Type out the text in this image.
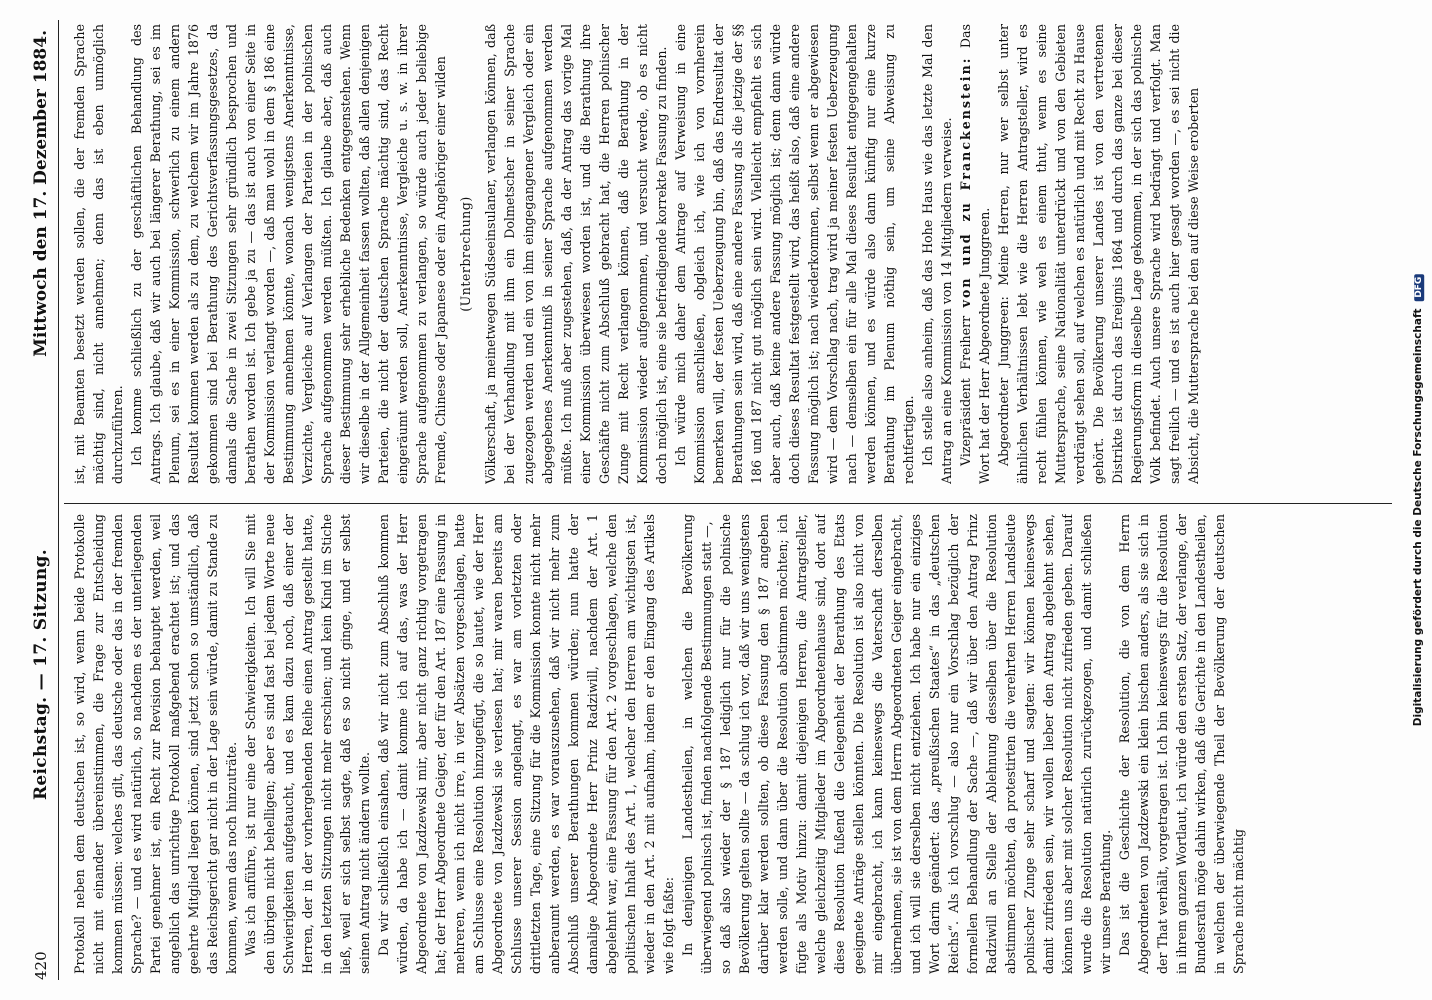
420
Reichstag. — 17. Sitzung.
Mittwoch den 17. Dezember 1884.

Protokoll neben dem deutschen ist, so wird, wenn beide Protokolle nicht mit einander übereinstimmen, die Frage zur Entscheidung kommen müssen: welches gilt, das deutsche oder das in der fremden Sprache? — und es wird natürlich, so nachdem es der unterliegenden Partei genehmer ist, ein Recht zur Revision behauptet werden, weil angeblich das unrichtige Protokoll maßgebend erachtet ist; und das geehrte Mitglied liegen können, sind jetzt schon so umständlich, daß das Reichsgericht gar nicht in der Lage sein würde, damit zu Stande zu kommen, wenn das noch hinzuträte. Was ich anführe, ist nur eine der Schwierigkeiten. Ich will Sie mit den übrigen nicht behelligen; aber es sind fast bei jedem Worte neue Schwierigkeiten aufgetaucht, und es kam dazu noch, daß einer der Herren, der in der vorhergehenden Reihe einen Antrag gestellt hatte, in den letzten Sitzungen nicht mehr erschien; und kein Kind im Stiche ließ, weil er sich selbst sagte, daß es so nicht ginge, und er selbst seinen Antrag nicht ändern wollte. Da wir schließlich einsahen, daß wir nicht zum Abschluß kommen würden, da habe ich — damit komme ich auf das, was der Herr Abgeordnete von Jazdzewski mir, aber nicht ganz richtig vorgetragen hat; der Herr Abgeordnete Geiger, der für den Art. 187 eine Fassung in mehreren, wenn ich nicht irre, in vier Absätzen vorgeschlagen, hatte am Schlusse eine Resolution hinzugefügt, die so lautet, wie der Herr Abgeordnete von Jazdzewski sie verlesen hat; mir waren bereits am Schlusse unserer Session angelangt, es war am vorletzten oder drittletzten Tage, eine Sitzung für die Kommission konnte nicht mehr anberaumt werden, es war vorauszusehen, daß wir nicht mehr zum Abschluß unserer Berathungen kommen würden; nun hatte der damalige Abgeordnete Herr Prinz Radziwill, nachdem der Art. 1 abgelehnt war, eine Fassung für den Art. 2 vorgeschlagen, welche den politischen Inhalt des Art. 1, welcher den Herren am wichtigsten ist, wieder in den Art. 2 mit aufnahm, indem er den Eingang des Artikels wie folgt faßte: In denjenigen Landestheilen, in welchen die Bevölkerung überwiegend polnisch ist, finden nachfolgende Bestimmungen statt —, so daß also wieder der § 187 lediglich nur für die polnische Bevölkerung gelten sollte — da schlug ich vor, daß wir uns wenigstens darüber klar werden sollten, ob diese Fassung den § 187 angeben werden solle, und dann über die Resolution abstimmen möchten; ich fügte als Motiv hinzu: damit diejenigen Herren, die Antragsteller, welche gleichzeitig Mitglieder im Abgeordnetenhause sind, dort auf diese Resolution fußend die Gelegenheit der Berathung des Etats geeignete Anträge stellen könnten. Die Resolution ist also nicht von mir eingebracht, ich kann keineswegs die Vaterschaft derselben übernehmen, sie ist von dem Herrn Abgeordneten Geiger eingebracht, und ich will sie derselben nicht entziehen. Ich habe nur ein einziges Wort darin geändert: das „preußischen Staates“ in das „deutschen Reichs“. Als ich vorschlug — also nur ein Vorschlag bezüglich der formellen Behandlung der Sache —, daß wir über den Antrag Prinz Radziwill an Stelle der Ablehnung desselben über die Resolution abstimmen möchten, da protestirten die verehrten Herren Landsleute polnischer Zunge sehr scharf und sagten: wir können keineswegs damit zufrieden sein, wir wollen lieber den Antrag abgelehnt sehen, können uns aber mit solcher Resolution nicht zufrieden geben. Darauf wurde die Resolution natürlich zurückgezogen, und damit schließen wir unsere Berathung. Das ist die Geschichte der Resolution, die von dem Herrn Abgeordneten von Jazdzewski ein klein bischen anders, als sie sich in der That verhält, vorgetragen ist. Ich bin keineswegs für die Resolution in ihrem ganzen Wortlaut, ich würde den ersten Satz, der verlange, der Bundesrath möge dahin wirken, daß die Gerichte in den Landestheilen, in welchen der überwiegende Theil der Bevölkerung der deutschen Sprache nicht mächtig

ist, mit Beamten besetzt werden sollen, die der fremden Sprache mächtig sind, nicht annehmen; denn das ist eben unmöglich durchzuführen. Ich komme schließlich zu der geschäftlichen Behandlung des Antrags. Ich glaube, daß wir auch bei längerer Berathung, sei es im Plenum, sei es in einer Kommission, schwerlich zu einem andern Resultat kommen werden als zu dem, zu welchem wir im Jahre 1876 gekommen sind bei Berathung des Gerichtsverfassungsgesetzes, da damals die Sache in zwei Sitzungen sehr gründlich besprochen und berathen worden ist. Ich gebe ja zu — das ist auch von einer Seite in der Kommission verlangt worden —, daß man wohl in dem § 186 eine Bestimmung annehmen könnte, wonach wenigstens Anerkenntnisse, Verzichte, Vergleiche auf Verlangen der Parteien in der polnischen Sprache aufgenommen werden müßten. Ich glaube aber, daß auch dieser Bestimmung sehr erhebliche Bedenken entgegenstehen. Wenn wir dieselbe in der Allgemeinheit fassen wollten, daß allen denjenigen Parteien, die nicht der deutschen Sprache mächtig sind, das Recht eingeräumt werden soll, Anerkenntnisse, Vergleiche u. s. w. in ihrer Sprache aufgenommen zu verlangen, so würde auch jeder beliebige Fremde, Chinese oder Japanese oder ein Angehöriger einer wilden (Unterbrechung) Völkerschaft, ja meinetwegen Südseeinsulaner, verlangen können, daß bei der Verhandlung mit ihm ein Dolmetscher in seiner Sprache zugezogen werden und ein von ihm eingegangener Vergleich oder ein abgegebenes Anerkenntniß in seiner Sprache aufgenommen werden müßte. Ich muß aber zugestehen, daß, da der Antrag das vorige Mal einer Kommission überwiesen worden ist, und die Berathung ihre Geschäfte nicht zum Abschluß gebracht hat, die Herren polnischer Zunge mit Recht verlangen können, daß die Berathung in der Kommission wieder aufgenommen, und versucht werde, ob es nicht doch möglich ist, eine sie befriedigende korrekte Fassung zu finden. Ich würde mich daher dem Antrage auf Verweisung in eine Kommission anschließen, obgleich ich, wie ich von vornherein bemerken will, der festen Ueberzeugung bin, daß das Endresultat der Berathungen sein wird, daß eine andere Fassung als die jetzige der §§ 186 und 187 nicht gut möglich sein wird. Vielleicht empfiehlt es sich aber auch, daß keine andere Fassung möglich ist; denn dann würde doch dieses Resultat festgestellt wird, das heißt also, daß eine andere Fassung möglich ist; nach wiederkommen, selbst wenn er abgewiesen wird — dem Vorschlag nach, trag wird ja meiner festen Ueberzeugung nach — demselben ein für alle Mal dieses Resultat entgegengehalten werden können, und es würde also dann künftig nur eine kurze Berathung im Plenum nöthig sein, um seine Abweisung zu rechtfertigen. Ich stelle also anheim, daß das Hohe Haus wie das letzte Mal den Antrag an eine Kommission von 14 Mitgliedern verweise. Vizepräsident Freiherr von und zu Franckenstein: Das Wort hat der Herr Abgeordnete Junggreen. Abgeordneter Junggreen: Meine Herren, nur wer selbst unter ähnlichen Verhältnissen lebt wie die Herren Antragsteller, wird es recht fühlen können, wie weh es einem thut, wenn es seine Muttersprache, seine Nationalität unterdrückt und von den Gebieten verdrängt sehen soll, auf welchen es natürlich und mit Recht zu Hause gehört. Die Bevölkerung unserer Landes ist von den vertretenen Distrikte ist durch das Ereignis 1864 und durch das ganze bei dieser Regierungsform in dieselbe Lage gekommen, in der sich das polnische Volk befindet. Auch unsere Sprache wird bedrängt und verfolgt. Man sagt freilich — und es ist auch hier gesagt worden —, es sei nicht die Absicht, die Muttersprache bei den auf diese Weise eroberten

Digitalisierung gefördert durch die Deutsche Forschungsgemeinschaft DFG
